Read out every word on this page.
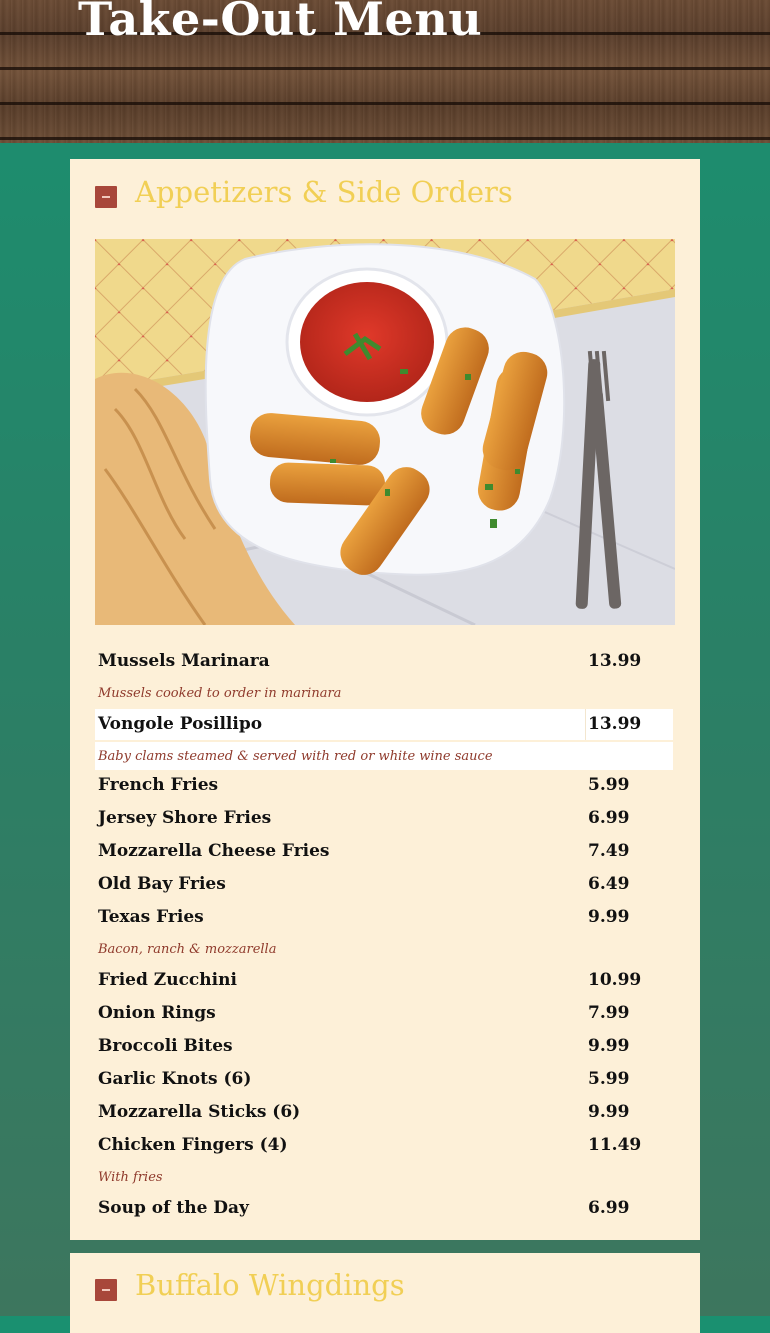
Take-Out Menu
Appetizers & Side Orders
Mussels Marinara	13.99
Mussels cooked to order in marinara
Vongole Posillipo	13.99
Baby clams steamed & served with red or white wine sauce
French Fries	5.99
Jersey Shore Fries	6.99
Mozzarella Cheese Fries	7.49
Old Bay Fries	6.49
Texas Fries	9.99
Bacon, ranch & mozzarella
Fried Zucchini	10.99
Onion Rings	7.99
Broccoli Bites	9.99
Garlic Knots (6)	5.99
Mozzarella Sticks (6)	9.99
Chicken Fingers (4)	11.49
With fries
Soup of the Day	6.99
Buffalo Wingdings
